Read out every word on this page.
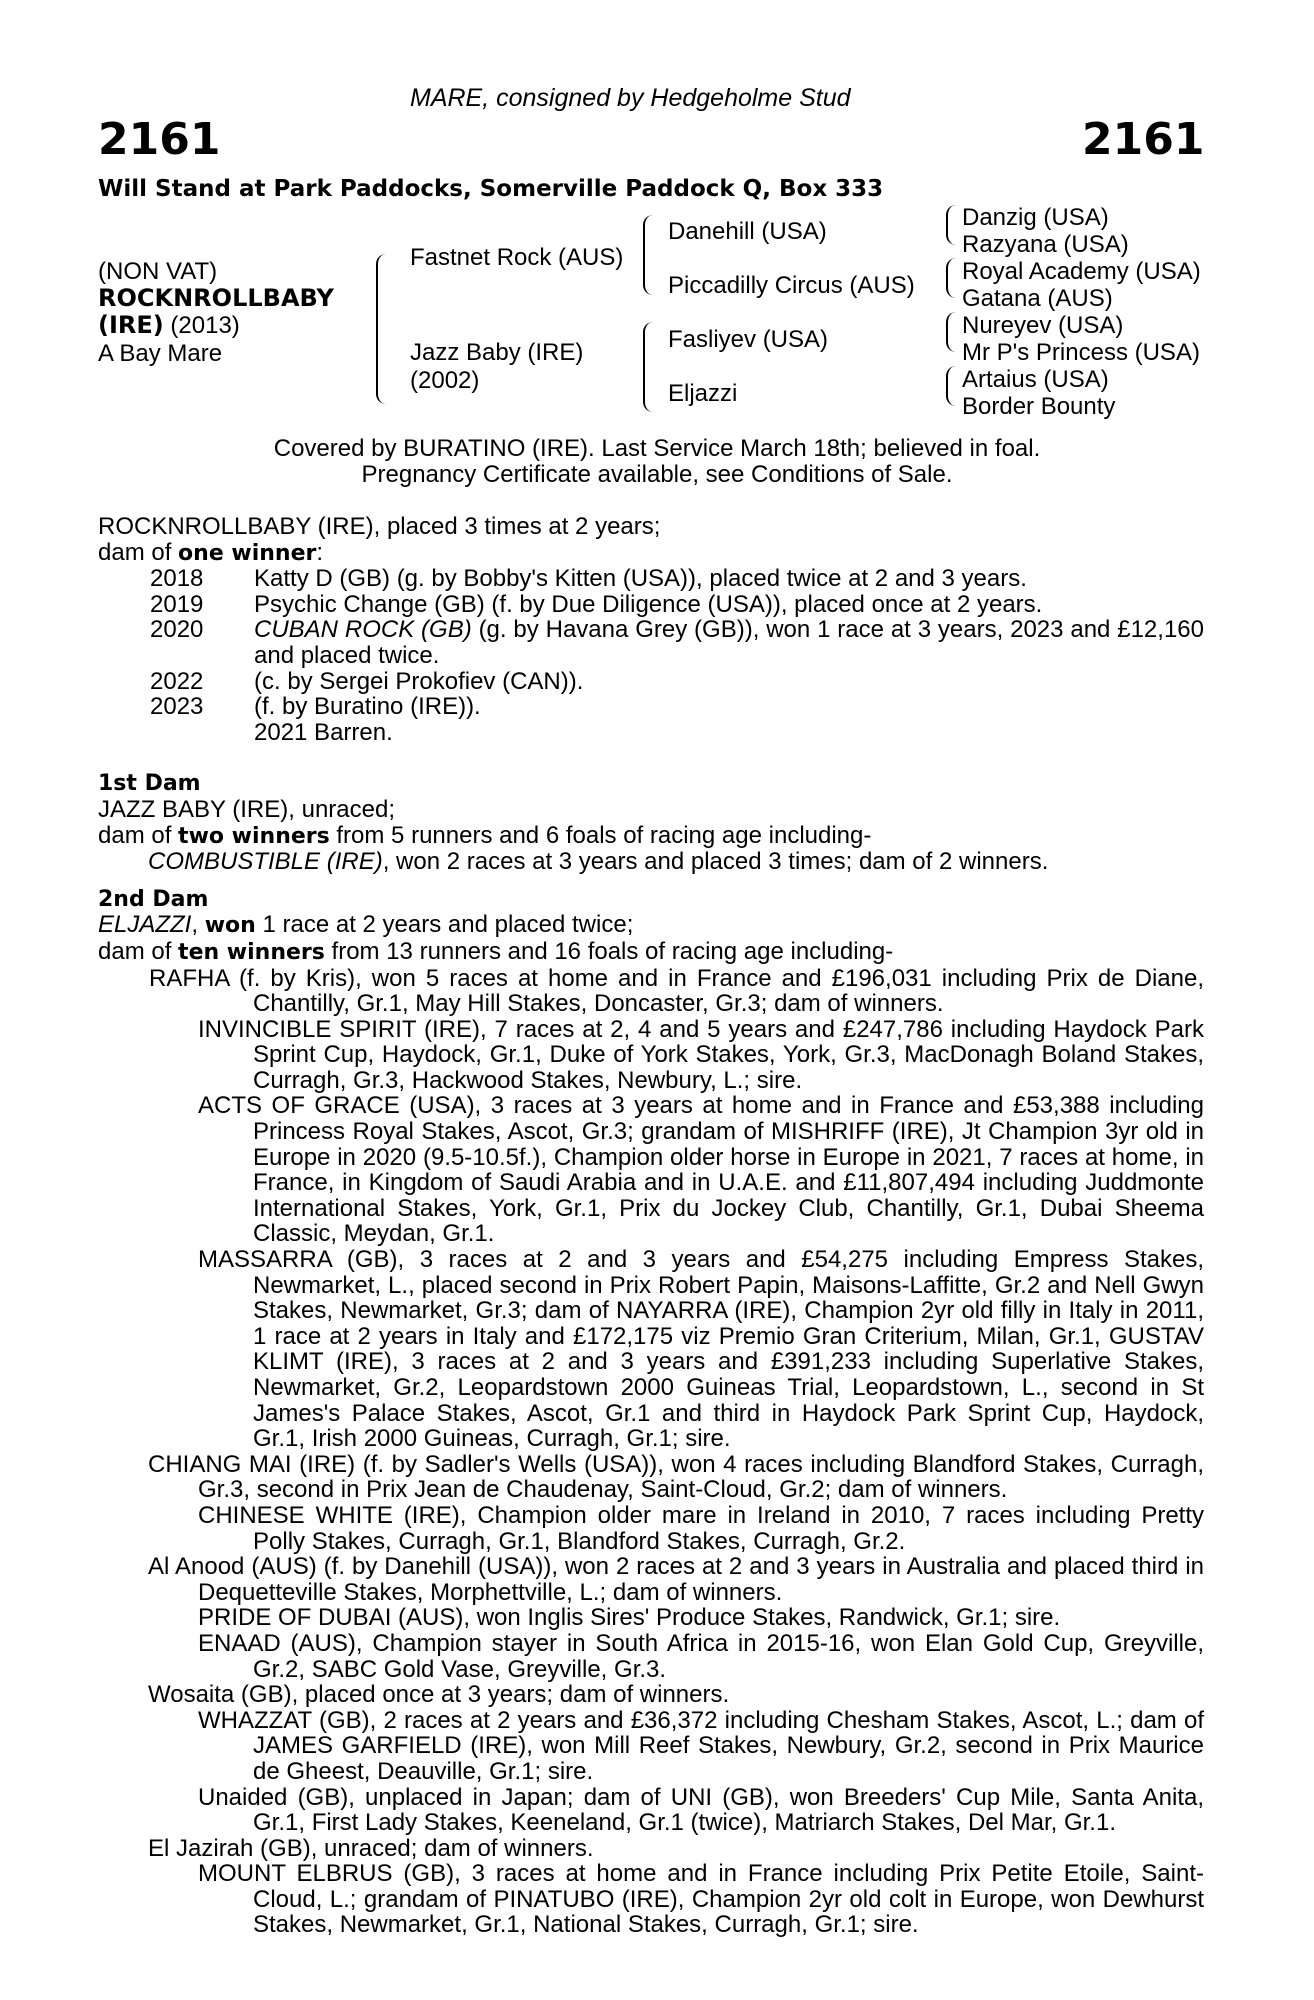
MARE, consigned by Hedgeholme Stud
2161	2161
Will Stand at Park Paddocks, Somerville Paddock Q, Box 333
(NON VAT)
ROCKNROLLBABY
(IRE) (2013)
A Bay Mare
Fastnet Rock (AUS)
Jazz Baby (IRE)
(2002)
Danehill (USA)
Piccadilly Circus (AUS)
Fasliyev (USA)
Eljazzi
Danzig (USA)
Razyana (USA)
Royal Academy (USA)
Gatana (AUS)
Nureyev (USA)
Mr P's Princess (USA)
Artaius (USA)
Border Bounty
Covered by BURATINO (IRE). Last Service March 18th; believed in foal.
Pregnancy Certificate available, see Conditions of Sale.
ROCKNROLLBABY (IRE), placed 3 times at 2 years;
dam of one winner:
2018	Katty D (GB) (g. by Bobby's Kitten (USA)), placed twice at 2 and 3 years.
2019	Psychic Change (GB) (f. by Due Diligence (USA)), placed once at 2 years.
2020	CUBAN ROCK (GB) (g. by Havana Grey (GB)), won 1 race at 3 years, 2023 and £12,160 and placed twice.
2022	(c. by Sergei Prokofiev (CAN)).
2023	(f. by Buratino (IRE)).
2021 Barren.
1st Dam
JAZZ BABY (IRE), unraced;
dam of two winners from 5 runners and 6 foals of racing age including-
COMBUSTIBLE (IRE), won 2 races at 3 years and placed 3 times; dam of 2 winners.
2nd Dam
ELJAZZI, won 1 race at 2 years and placed twice;
dam of ten winners from 13 runners and 16 foals of racing age including-
RAFHA (f. by Kris), won 5 races at home and in France and £196,031 including Prix de Diane, Chantilly, Gr.1, May Hill Stakes, Doncaster, Gr.3; dam of winners.
INVINCIBLE SPIRIT (IRE), 7 races at 2, 4 and 5 years and £247,786 including Haydock Park Sprint Cup, Haydock, Gr.1, Duke of York Stakes, York, Gr.3, MacDonagh Boland Stakes, Curragh, Gr.3, Hackwood Stakes, Newbury, L.; sire.
ACTS OF GRACE (USA), 3 races at 3 years at home and in France and £53,388 including Princess Royal Stakes, Ascot, Gr.3; grandam of MISHRIFF (IRE), Jt Champion 3yr old in Europe in 2020 (9.5-10.5f.), Champion older horse in Europe in 2021, 7 races at home, in France, in Kingdom of Saudi Arabia and in U.A.E. and £11,807,494 including Juddmonte International Stakes, York, Gr.1, Prix du Jockey Club, Chantilly, Gr.1, Dubai Sheema Classic, Meydan, Gr.1.
MASSARRA (GB), 3 races at 2 and 3 years and £54,275 including Empress Stakes, Newmarket, L., placed second in Prix Robert Papin, Maisons-Laffitte, Gr.2 and Nell Gwyn Stakes, Newmarket, Gr.3; dam of NAYARRA (IRE), Champion 2yr old filly in Italy in 2011, 1 race at 2 years in Italy and £172,175 viz Premio Gran Criterium, Milan, Gr.1, GUSTAV KLIMT (IRE), 3 races at 2 and 3 years and £391,233 including Superlative Stakes, Newmarket, Gr.2, Leopardstown 2000 Guineas Trial, Leopardstown, L., second in St James's Palace Stakes, Ascot, Gr.1 and third in Haydock Park Sprint Cup, Haydock, Gr.1, Irish 2000 Guineas, Curragh, Gr.1; sire.
CHIANG MAI (IRE) (f. by Sadler's Wells (USA)), won 4 races including Blandford Stakes, Curragh, Gr.3, second in Prix Jean de Chaudenay, Saint-Cloud, Gr.2; dam of winners.
CHINESE WHITE (IRE), Champion older mare in Ireland in 2010, 7 races including Pretty Polly Stakes, Curragh, Gr.1, Blandford Stakes, Curragh, Gr.2.
Al Anood (AUS) (f. by Danehill (USA)), won 2 races at 2 and 3 years in Australia and placed third in Dequetteville Stakes, Morphettville, L.; dam of winners.
PRIDE OF DUBAI (AUS), won Inglis Sires' Produce Stakes, Randwick, Gr.1; sire.
ENAAD (AUS), Champion stayer in South Africa in 2015-16, won Elan Gold Cup, Greyville, Gr.2, SABC Gold Vase, Greyville, Gr.3.
Wosaita (GB), placed once at 3 years; dam of winners.
WHAZZAT (GB), 2 races at 2 years and £36,372 including Chesham Stakes, Ascot, L.; dam of JAMES GARFIELD (IRE), won Mill Reef Stakes, Newbury, Gr.2, second in Prix Maurice de Gheest, Deauville, Gr.1; sire.
Unaided (GB), unplaced in Japan; dam of UNI (GB), won Breeders' Cup Mile, Santa Anita, Gr.1, First Lady Stakes, Keeneland, Gr.1 (twice), Matriarch Stakes, Del Mar, Gr.1.
El Jazirah (GB), unraced; dam of winners.
MOUNT ELBRUS (GB), 3 races at home and in France including Prix Petite Etoile, Saint-Cloud, L.; grandam of PINATUBO (IRE), Champion 2yr old colt in Europe, won Dewhurst Stakes, Newmarket, Gr.1, National Stakes, Curragh, Gr.1; sire.
